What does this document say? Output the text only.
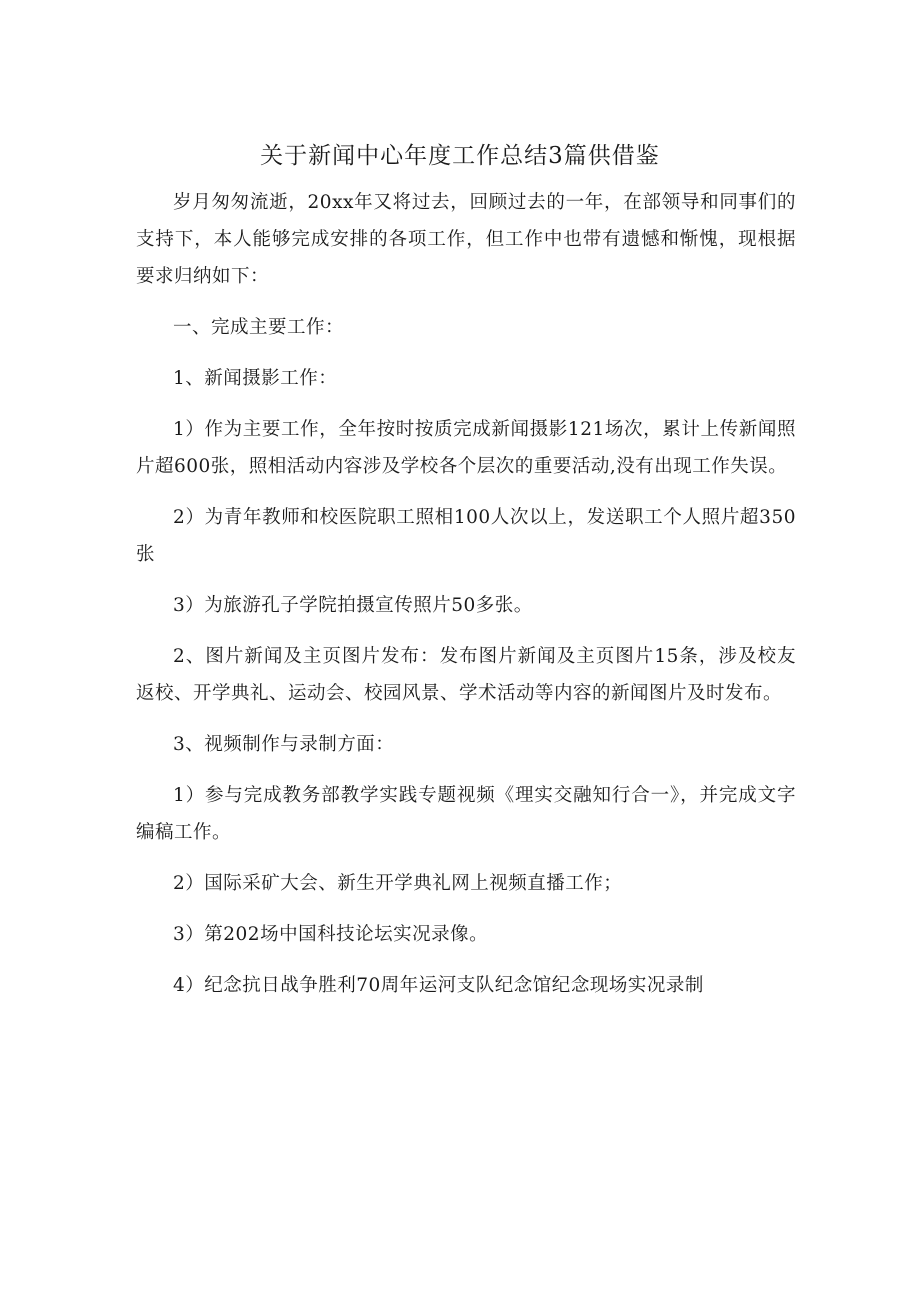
关于新闻中心年度工作总结3篇供借鉴

岁月匆匆流逝，20xx年又将过去，回顾过去的一年，在部领导和同事们的支持下，本人能够完成安排的各项工作，但工作中也带有遗憾和惭愧，现根据要求归纳如下：

一、完成主要工作：

1、新闻摄影工作：

1）作为主要工作，全年按时按质完成新闻摄影121场次，累计上传新闻照片超600张，照相活动内容涉及学校各个层次的重要活动,没有出现工作失误。

2）为青年教师和校医院职工照相100人次以上，发送职工个人照片超350张

3）为旅游孔子学院拍摄宣传照片50多张。

2、图片新闻及主页图片发布：发布图片新闻及主页图片15条，涉及校友返校、开学典礼、运动会、校园风景、学术活动等内容的新闻图片及时发布。

3、视频制作与录制方面：

1）参与完成教务部教学实践专题视频《理实交融知行合一》，并完成文字编稿工作。

2）国际采矿大会、新生开学典礼网上视频直播工作；

3）第202场中国科技论坛实况录像。

4）纪念抗日战争胜利70周年运河支队纪念馆纪念现场实况录制
